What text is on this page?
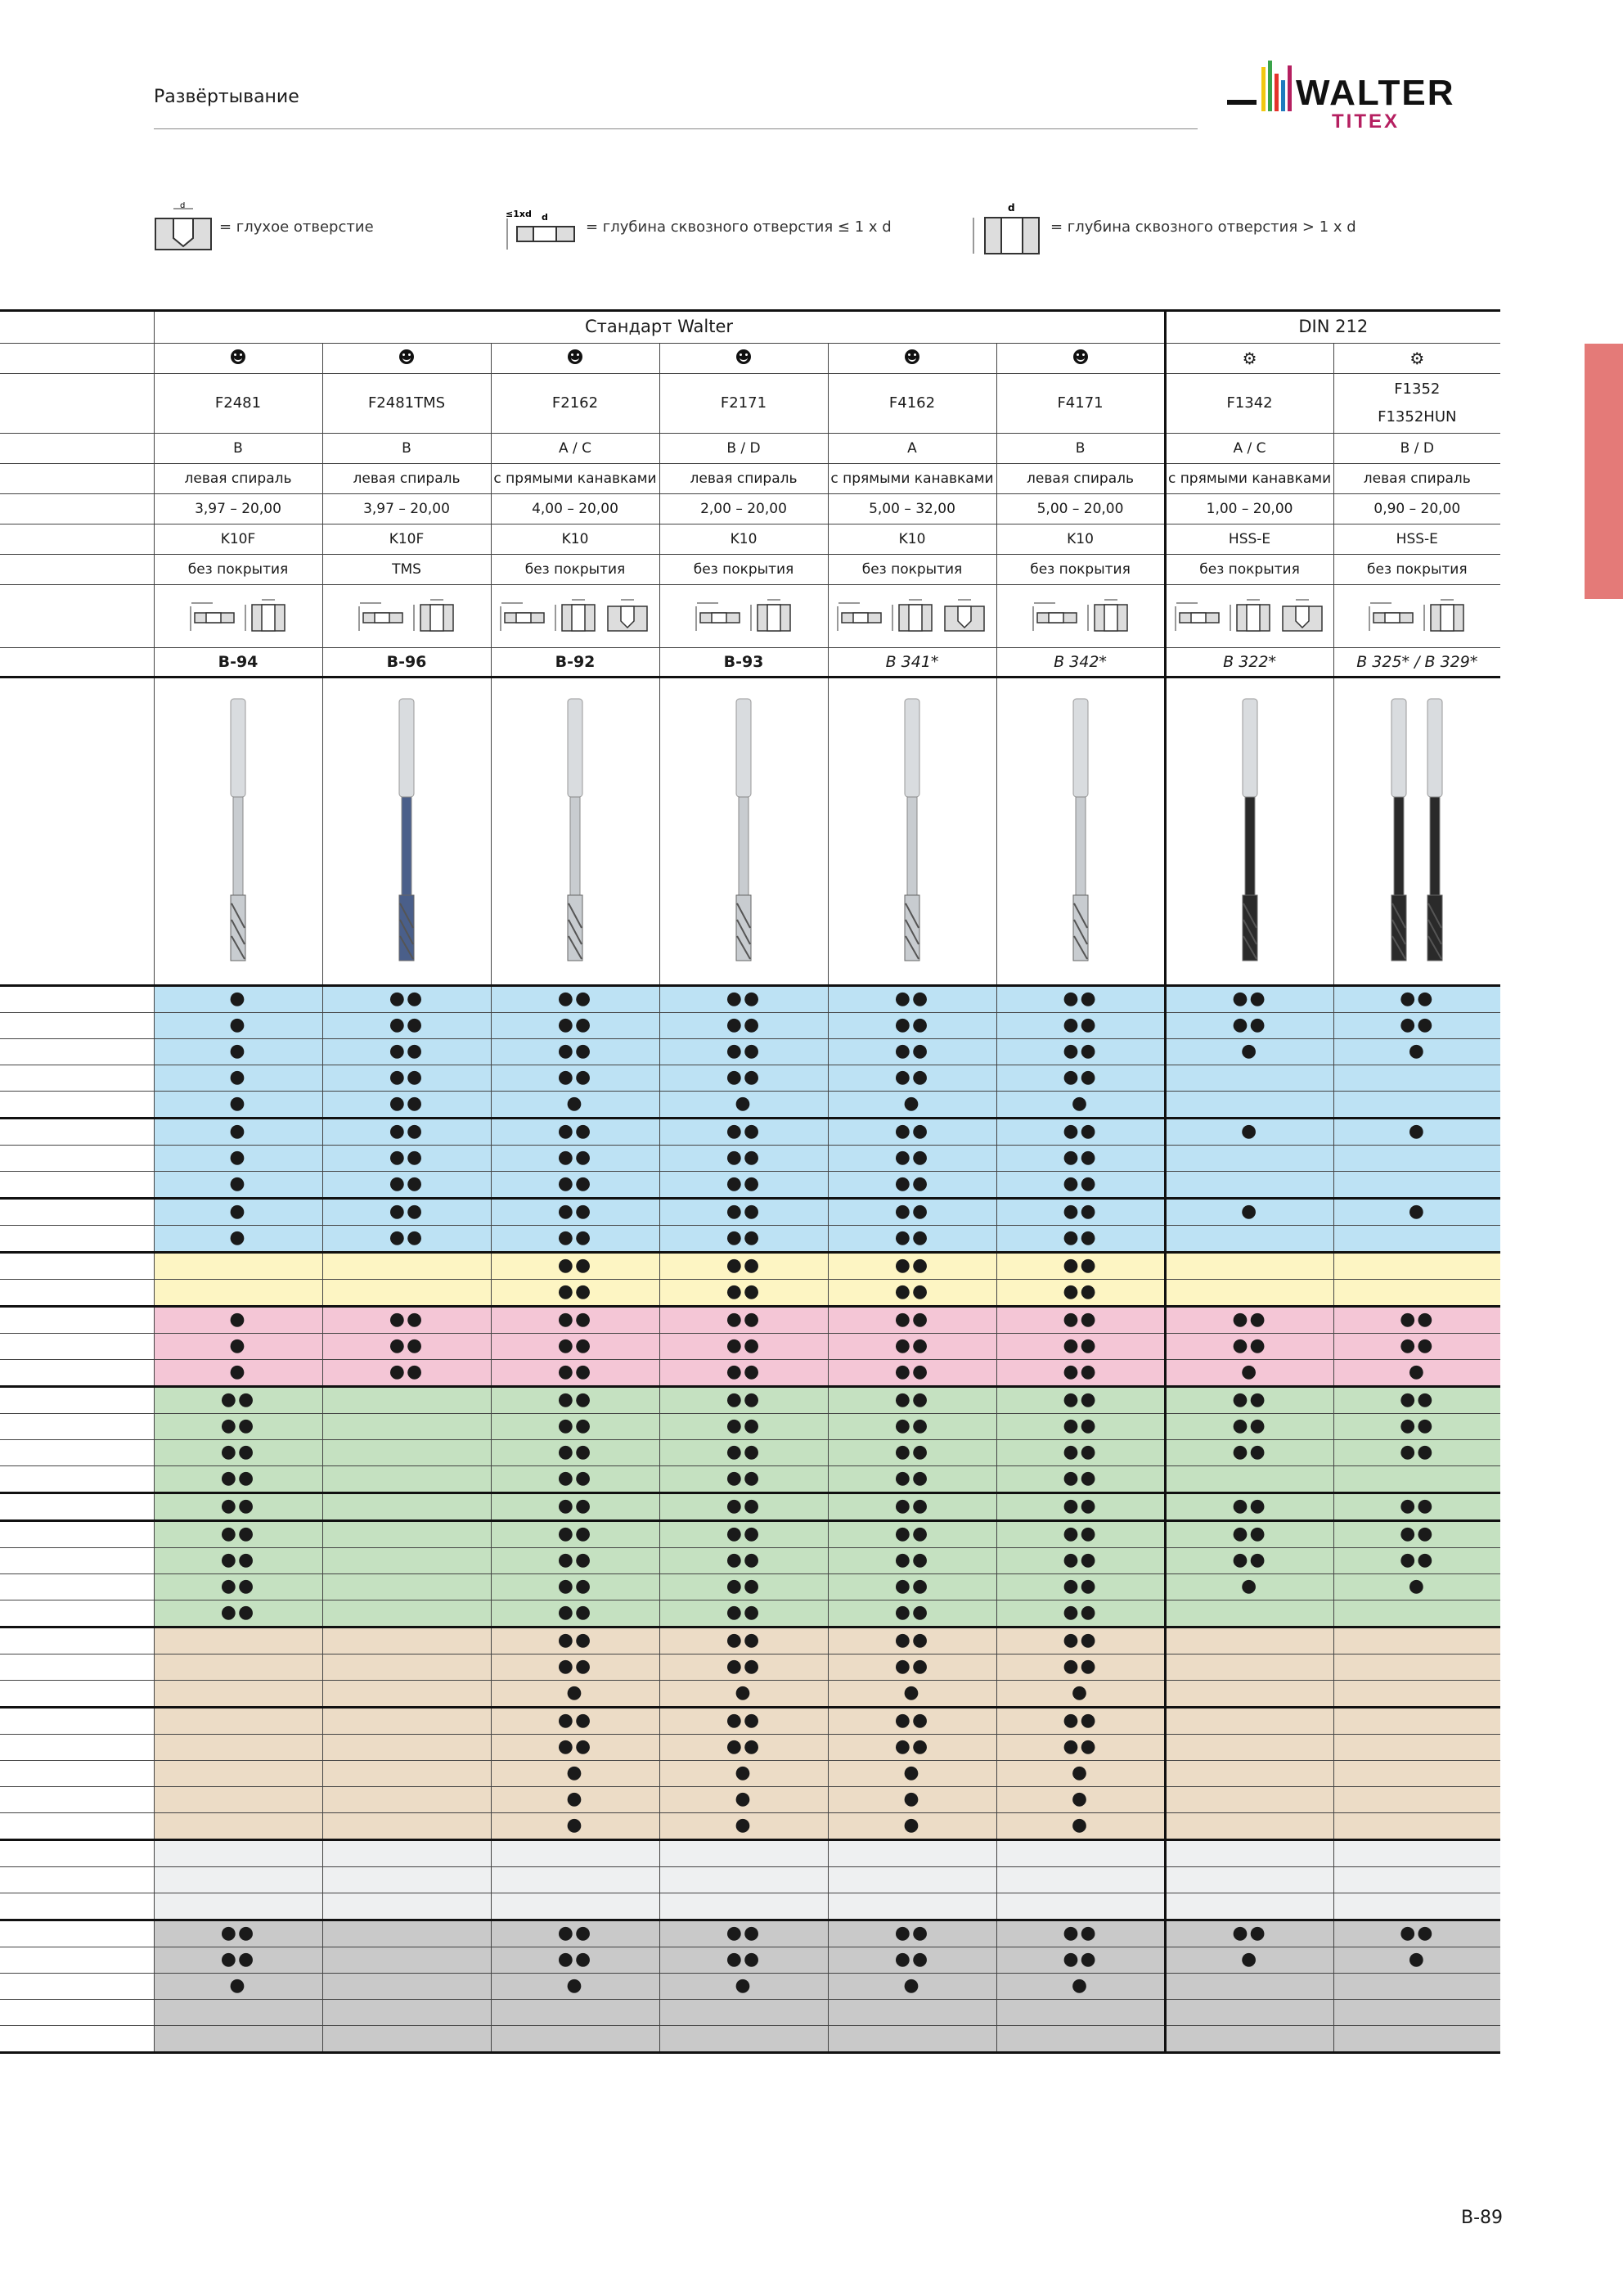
Развёртывание	WALTER
TITEX
d
= глухое отверстие
≤1xd d
= глубина сквозного отверстия ≤ 1 x d
d
= глубина сквозного отверстия > 1 x d
	Стандарт Walter						DIN 212	
							⚙	⚙

	F2481	F2481TMS	F2162	F2171	F4162	F4171	F1342	F1352
F1352HUN

	B	B	A / C	B / D	A	B	A / C	B / D
	левая спираль	левая спираль	с прямыми канавками	левая спираль	с прямыми канавками	левая спираль	с прямыми канавками	левая спираль
	3,97 – 20,00	3,97 – 20,00	4,00 – 20,00	2,00 – 20,00	5,00 – 32,00	5,00 – 20,00	1,00 – 20,00	0,90 – 20,00
	K10F	K10F	K10	K10	K10	K10	HSS-E	HSS-E
	без покрытия	TMS	без покрытия	без покрытия	без покрытия	без покрытия	без покрытия	без покрытия

	B-94	B-96	B-92	B-93	B 341*	B 342*	B 322*	B 325* / B 329*

	●	●●	●●	●●	●●	●●	●●	●●
	●	●●	●●	●●	●●	●●	●●	●●
	●	●●	●●	●●	●●	●●	●	●
	●	●●	●●	●●	●●	●●		
	●	●●	●	●	●	●		
	●	●●	●●	●●	●●	●●	●	●
	●	●●	●●	●●	●●	●●		
	●	●●	●●	●●	●●	●●		
	●	●●	●●	●●	●●	●●	●	●
	●	●●	●●	●●	●●	●●		
			●●	●●	●●	●●		
			●●	●●	●●	●●		
	●	●●	●●	●●	●●	●●	●●	●●
	●	●●	●●	●●	●●	●●	●●	●●
	●	●●	●●	●●	●●	●●	●	●
	●●		●●	●●	●●	●●	●●	●●
	●●		●●	●●	●●	●●	●●	●●
	●●		●●	●●	●●	●●	●●	●●
	●●		●●	●●	●●	●●		
	●●		●●	●●	●●	●●	●●	●●
	●●		●●	●●	●●	●●	●●	●●
	●●		●●	●●	●●	●●	●●	●●
	●●		●●	●●	●●	●●	●	●
	●●		●●	●●	●●	●●		
			●●	●●	●●	●●		
			●●	●●	●●	●●		
			●	●	●	●		
			●●	●●	●●	●●		
			●●	●●	●●	●●		
			●	●	●	●		
			●	●	●	●		
			●	●	●	●		

	●●		●●	●●	●●	●●	●●	●●
	●●		●●	●●	●●	●●	●	●
	●		●	●	●	●		

B-89
